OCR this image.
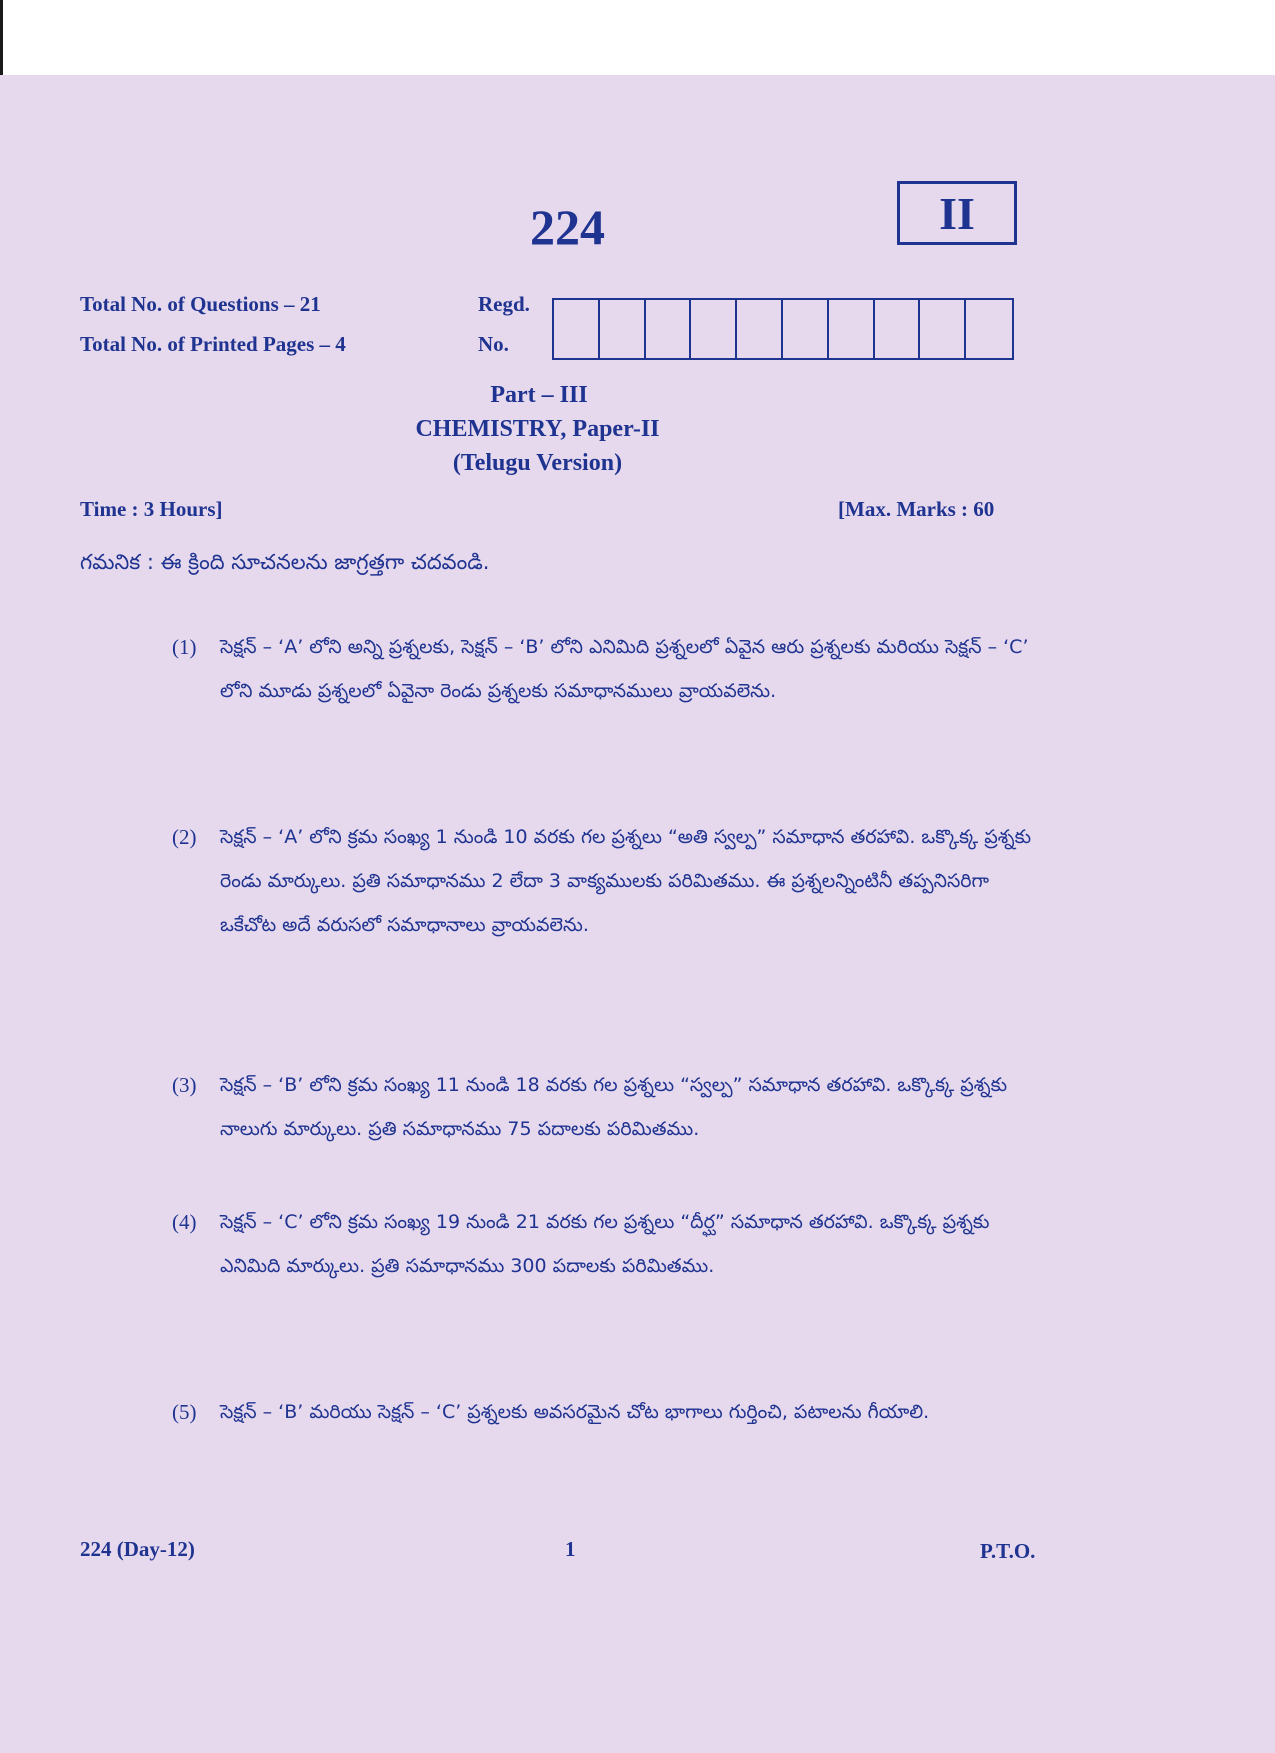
224	II
Total No. of Questions – 21
Total No. of Printed Pages – 4
Regd.
No.
Part – III
CHEMISTRY, Paper-II
(Telugu Version)
Time : 3 Hours]	[Max. Marks : 60
గమనిక : ఈ క్రింది సూచనలను జాగ్రత్తగా చదవండి.
(1) సెక్షన్ – ‘A’ లోని అన్ని ప్రశ్నలకు, సెక్షన్ – ‘B’ లోని ఎనిమిది ప్రశ్నలలో ఏవైన ఆరు ప్రశ్నలకు మరియు సెక్షన్ – ‘C’ లోని మూడు ప్రశ్నలలో ఏవైనా రెండు ప్రశ్నలకు సమాధానములు వ్రాయవలెను.
(2) సెక్షన్ – ‘A’ లోని క్రమ సంఖ్య 1 నుండి 10 వరకు గల ప్రశ్నలు “అతి స్వల్ప” సమాధాన తరహావి. ఒక్కొక్క ప్రశ్నకు రెండు మార్కులు. ప్రతి సమాధానము 2 లేదా 3 వాక్యములకు పరిమితము. ఈ ప్రశ్నలన్నింటినీ తప్పనిసరిగా ఒకేచోట అదే వరుసలో సమాధానాలు వ్రాయవలెను.
(3) సెక్షన్ – ‘B’ లోని క్రమ సంఖ్య 11 నుండి 18 వరకు గల ప్రశ్నలు “స్వల్ప” సమాధాన తరహావి. ఒక్కొక్క ప్రశ్నకు నాలుగు మార్కులు. ప్రతి సమాధానము 75 పదాలకు పరిమితము.
(4) సెక్షన్ – ‘C’ లోని క్రమ సంఖ్య 19 నుండి 21 వరకు గల ప్రశ్నలు “దీర్ఘ” సమాధాన తరహావి. ఒక్కొక్క ప్రశ్నకు ఎనిమిది మార్కులు. ప్రతి సమాధానము 300 పదాలకు పరిమితము.
(5) సెక్షన్ – ‘B’ మరియు సెక్షన్ – ‘C’ ప్రశ్నలకు అవసరమైన చోట భాగాలు గుర్తించి, పటాలను గీయాలి.
224 (Day-12)	1	P.T.O.
